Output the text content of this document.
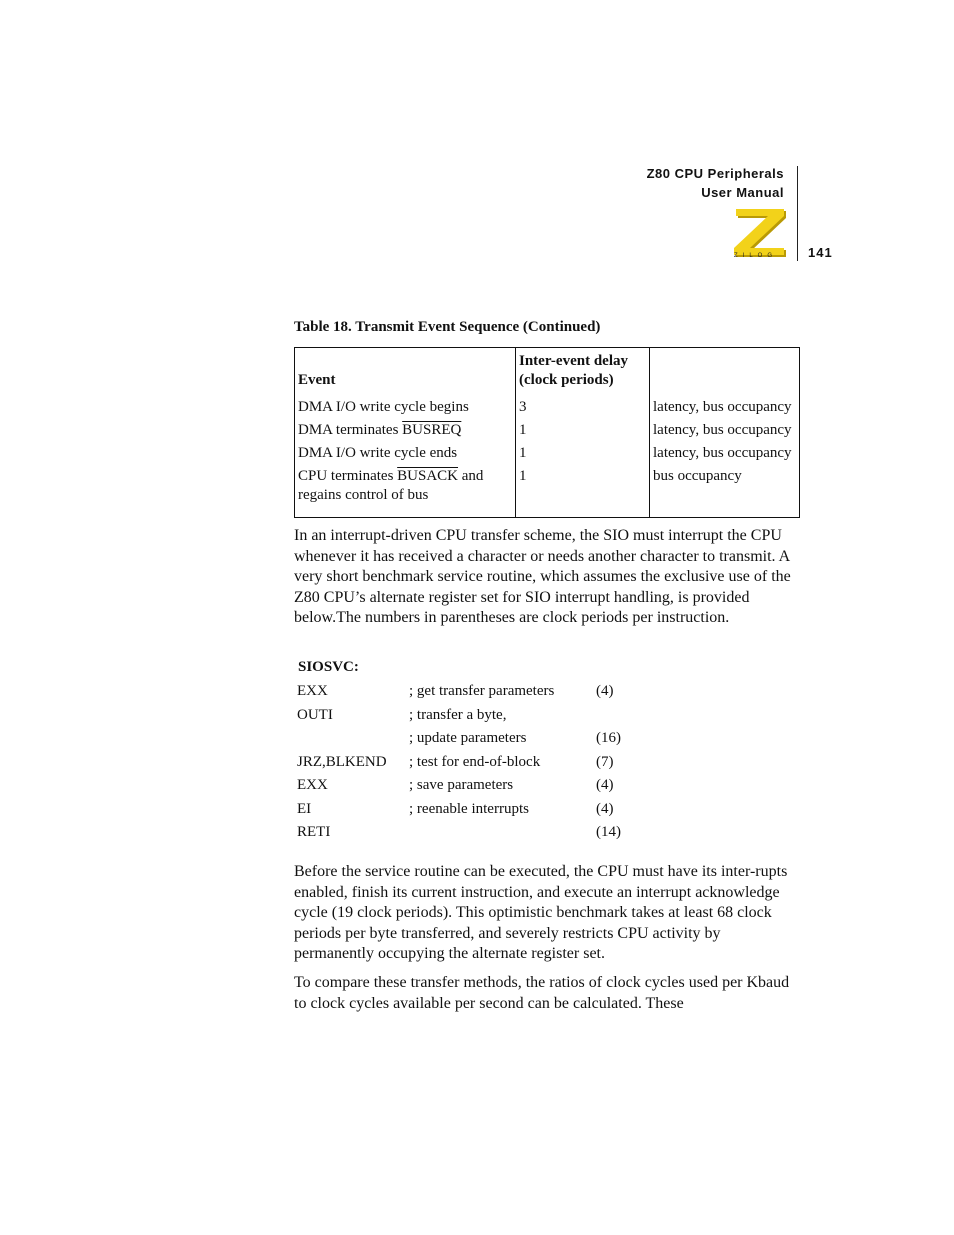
Z80 CPU Peripherals
User Manual
141
ZILOG
Table 18. Transmit Event Sequence (Continued)
Event	Inter-event delay
(clock periods)	
DMA I/O write cycle begins	3	latency, bus occupancy
DMA terminates BUSREQ	1	latency, bus occupancy
DMA I/O write cycle ends	1	latency, bus occupancy
CPU terminates BUSACK and regains control of bus	1	bus occupancy

In an interrupt-driven CPU transfer scheme, the SIO must interrupt the CPU whenever it has received a character or needs another character to transmit. A very short benchmark service routine, which assumes the exclusive use of the Z80 CPU’s alternate register set for SIO interrupt handling, is provided below.The numbers in parentheses are clock periods per instruction.

SIOSVC:
EXX	; get transfer parameters	(4)
OUTI	; transfer a byte,	
	; update parameters	(16)
JRZ,BLKEND	; test for end-of-block	(7)
EXX	; save parameters	(4)
EI	; reenable interrupts	(4)
RETI		(14)

Before the service routine can be executed, the CPU must have its inter-rupts enabled, finish its current instruction, and execute an interrupt acknowledge cycle (19 clock periods). This optimistic benchmark takes at least 68 clock periods per byte transferred, and severely restricts CPU activity by permanently occupying the alternate register set.

To compare these transfer methods, the ratios of clock cycles used per Kbaud to clock cycles available per second can be calculated. These
